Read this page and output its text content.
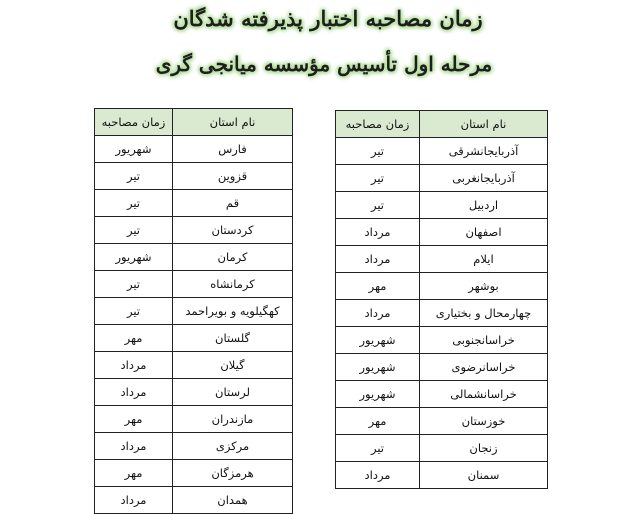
زمان مصاحبه اختبار پذیرفته شدگان
مرحله اول تأسیس مؤسسه میانجی گری
نام استان	زمان مصاحبه
آذربایجانشرقی	تیر
آذربایجانغربی	تیر
اردبیل	تیر
اصفهان	مرداد
ایلام	مرداد
بوشهر	مهر
چهارمحال و بختیاری	مرداد
خراسانجنوبی	شهریور
خراسانرضوی	شهریور
خراسانشمالی	شهریور
خوزستان	مهر
زنجان	تیر
سمنان	مرداد
نام استان	زمان مصاحبه
فارس	شهریور
قزوین	تیر
قم	تیر
کردستان	تیر
کرمان	شهریور
کرمانشاه	تیر
کهگیلویه و بویراحمد	تیر
گلستان	مهر
گیلان	مرداد
لرستان	مرداد
مازندران	مهر
مرکزی	مرداد
هرمزگان	مهر
همدان	مرداد
